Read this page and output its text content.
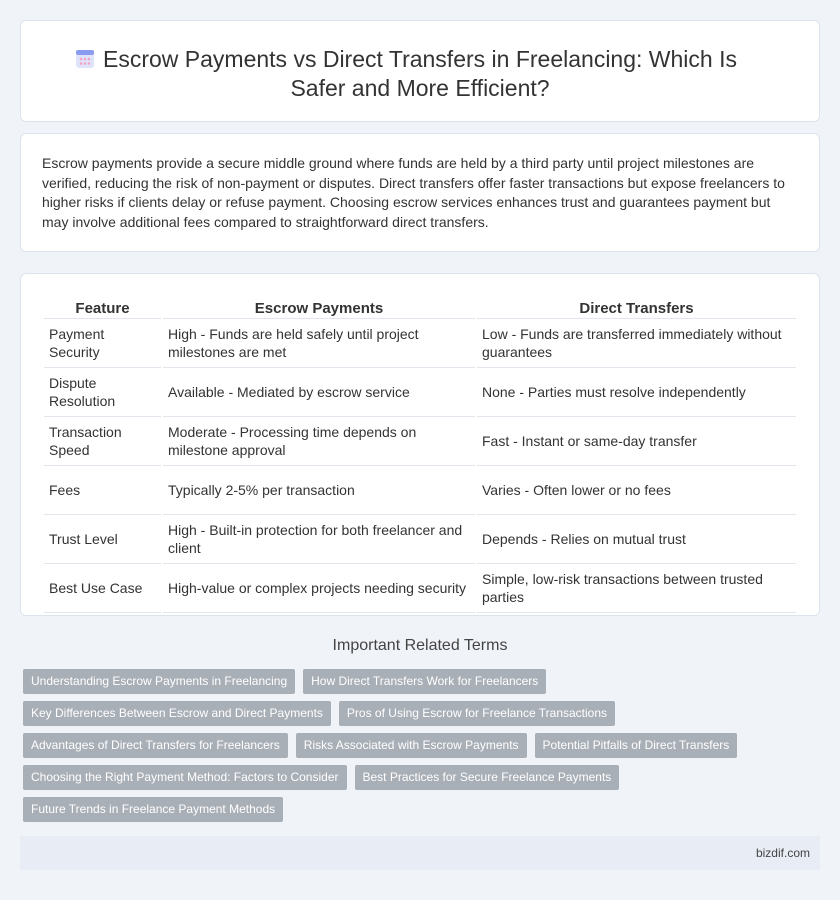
Escrow Payments vs Direct Transfers in Freelancing: Which Is
Safer and More Efficient?

Escrow payments provide a secure middle ground where funds are held by a third party until project milestones are verified, reducing the risk of non-payment or disputes. Direct transfers offer faster transactions but expose freelancers to higher risks if clients delay or refuse payment. Choosing escrow services enhances trust and guarantees payment but may involve additional fees compared to straightforward direct transfers.

Feature	Escrow Payments	Direct Transfers
Payment Security	High - Funds are held safely until project milestones are met	Low - Funds are transferred immediately without guarantees
Dispute Resolution	Available - Mediated by escrow service	None - Parties must resolve independently
Transaction Speed	Moderate - Processing time depends on milestone approval	Fast - Instant or same-day transfer
Fees	Typically 2-5% per transaction	Varies - Often lower or no fees
Trust Level	High - Built-in protection for both freelancer and client	Depends - Relies on mutual trust
Best Use Case	High-value or complex projects needing security	Simple, low-risk transactions between trusted parties
Important Related Terms
Understanding Escrow Payments in Freelancing	How Direct Transfers Work for Freelancers
Key Differences Between Escrow and Direct Payments	Pros of Using Escrow for Freelance Transactions
Advantages of Direct Transfers for Freelancers	Risks Associated with Escrow Payments	Potential Pitfalls of Direct Transfers
Choosing the Right Payment Method: Factors to Consider	Best Practices for Secure Freelance Payments
Future Trends in Freelance Payment Methods
bizdif.com
